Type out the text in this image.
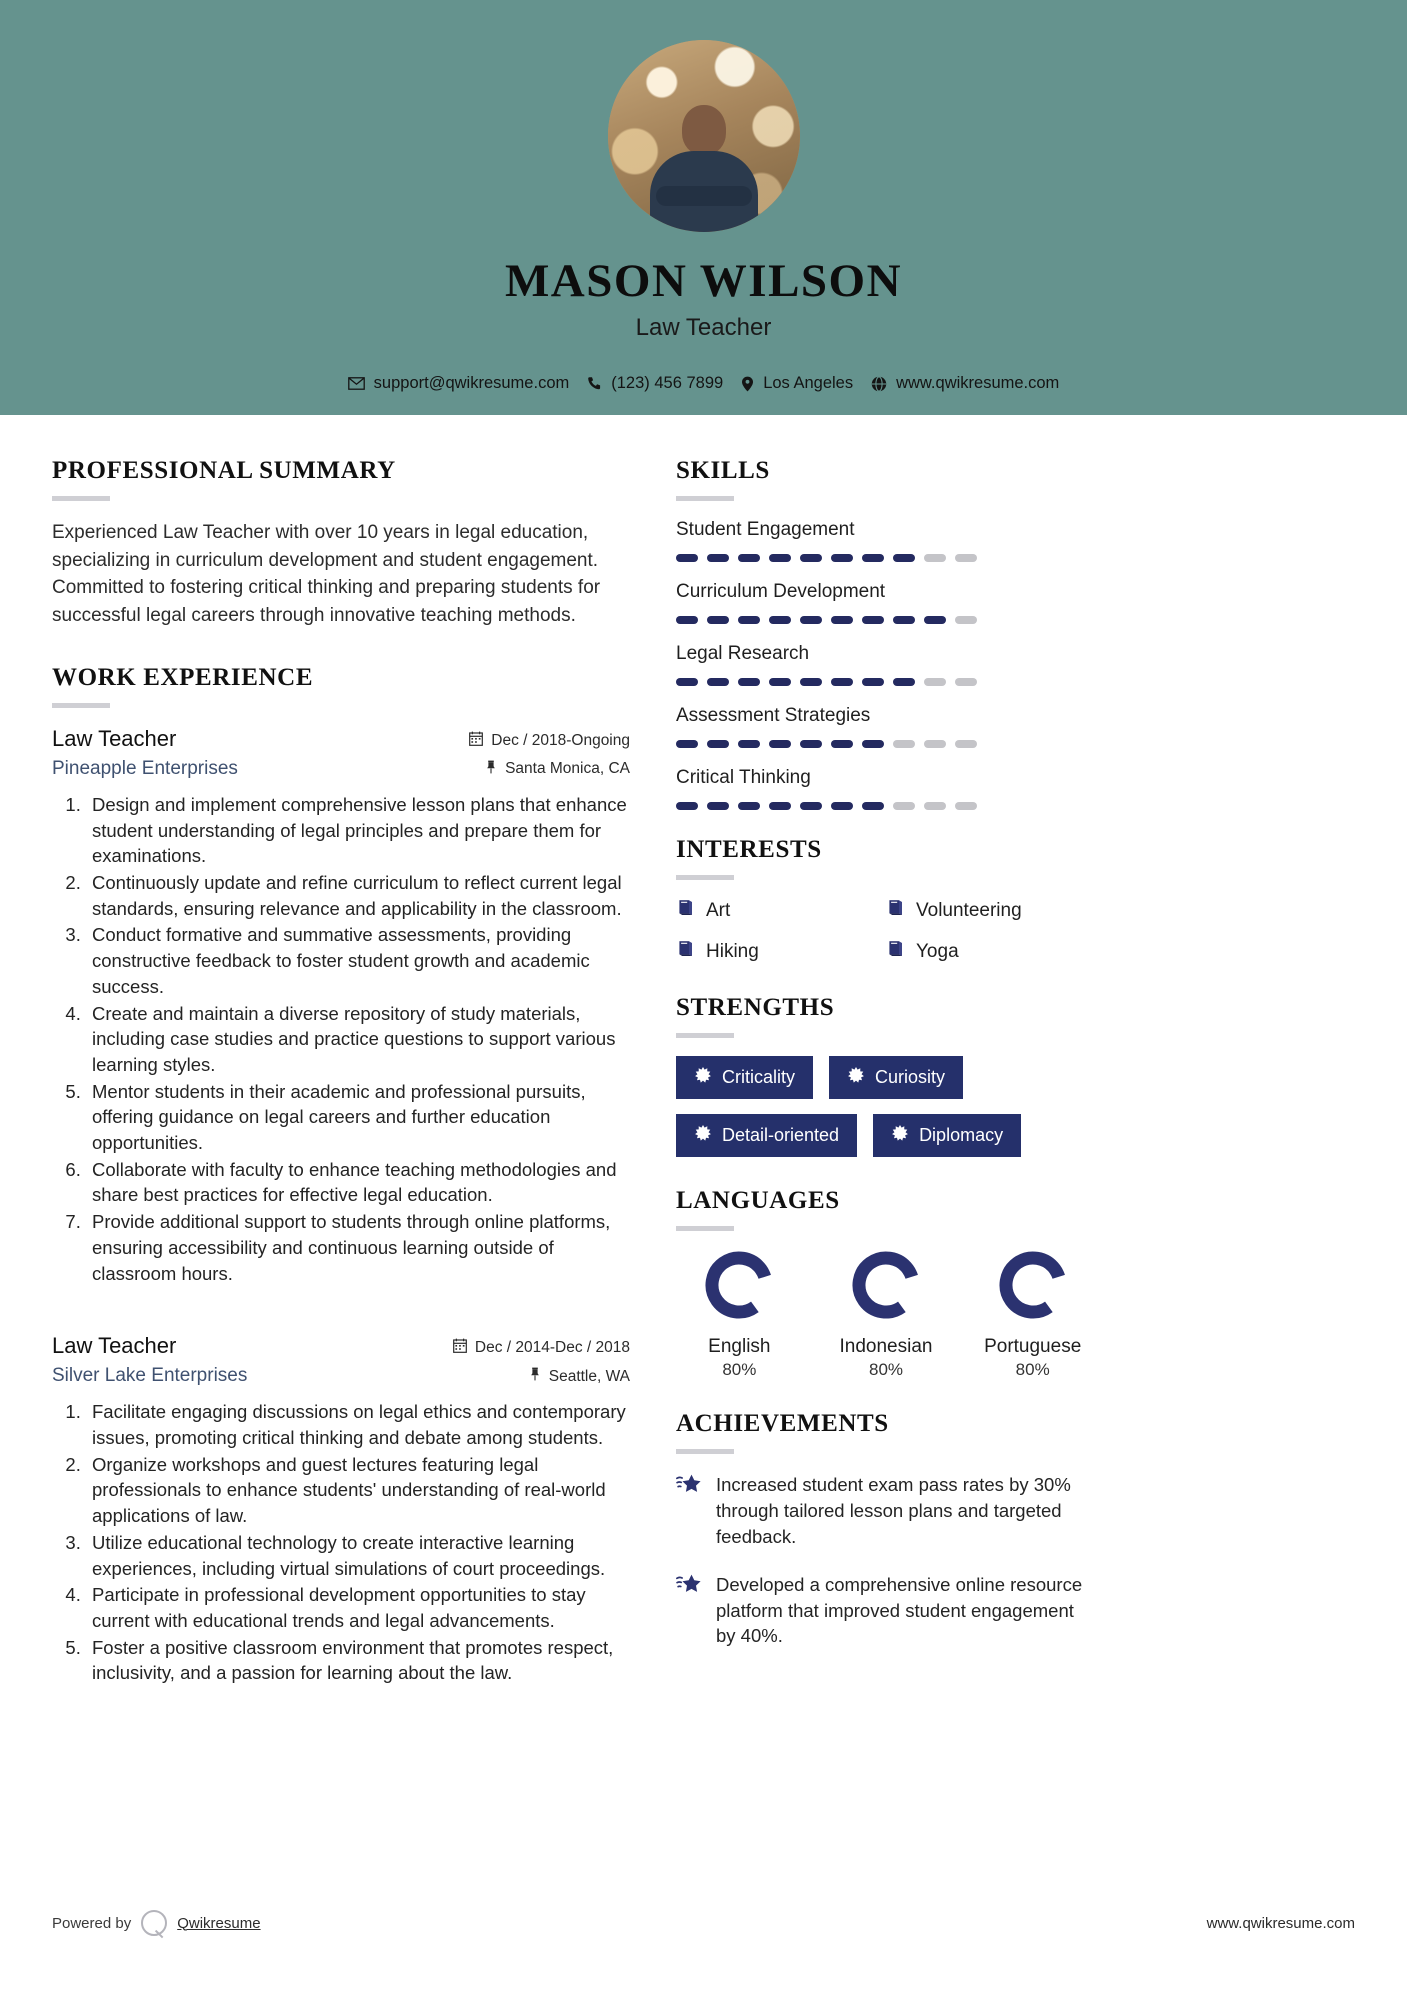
MASON WILSON
Law Teacher
support@qwikresume.com	(123) 456 7899 Los Angeles	www.qwikresume.com
PROFESSIONAL SUMMARY
Experienced Law Teacher with over 10 years in legal education, specializing in curriculum development and student engagement. Committed to fostering critical thinking and preparing students for successful legal careers through innovative teaching methods.
WORK EXPERIENCE
Law Teacher	Dec / 2018-Ongoing
Pineapple Enterprises	Santa Monica, CA
1. Design and implement comprehensive lesson plans that enhance student understanding of legal principles and prepare them for examinations.
2. Continuously update and refine curriculum to reflect current legal standards, ensuring relevance and applicability in the classroom.
3. Conduct formative and summative assessments, providing constructive feedback to foster student growth and academic success.
4. Create and maintain a diverse repository of study materials, including case studies and practice questions to support various learning styles.
5. Mentor students in their academic and professional pursuits, offering guidance on legal careers and further education opportunities.
6. Collaborate with faculty to enhance teaching methodologies and share best practices for effective legal education.
7. Provide additional support to students through online platforms, ensuring accessibility and continuous learning outside of classroom hours.
Law Teacher	Dec / 2014-Dec / 2018
Silver Lake Enterprises	Seattle, WA
1. Facilitate engaging discussions on legal ethics and contemporary issues, promoting critical thinking and debate among students.
2. Organize workshops and guest lectures featuring legal professionals to enhance students' understanding of real-world applications of law.
3. Utilize educational technology to create interactive learning experiences, including virtual simulations of court proceedings.
4. Participate in professional development opportunities to stay current with educational trends and legal advancements.
5. Foster a positive classroom environment that promotes respect, inclusivity, and a passion for learning about the law.
SKILLS
Student Engagement
Curriculum Development
Legal Research
Assessment Strategies
Critical Thinking
INTERESTS
Art	Volunteering
Hiking	Yoga
STRENGTHS
Criticality	Curiosity
Detail-oriented	Diplomacy
LANGUAGES
English
80%
Indonesian
80%
Portuguese
80%
ACHIEVEMENTS
Increased student exam pass rates by 30% through tailored lesson plans and targeted feedback.
Developed a comprehensive online resource platform that improved student engagement by 40%.
Powered by	Qwikresume	www.qwikresume.com
